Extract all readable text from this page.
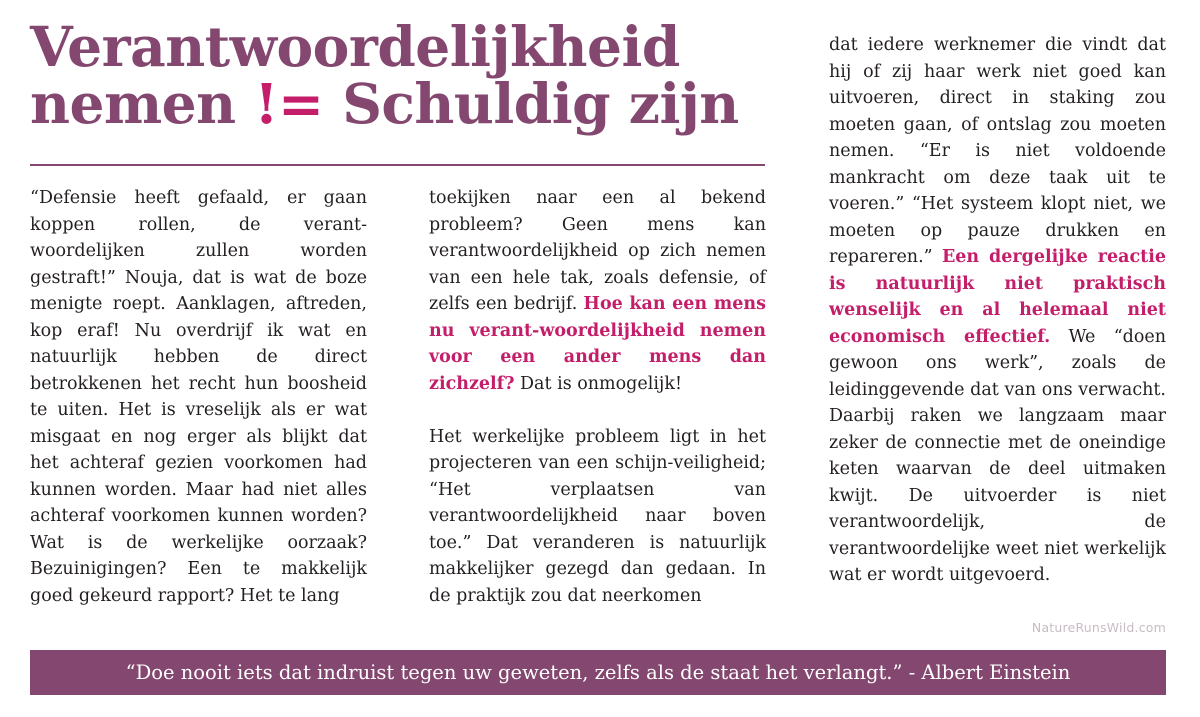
Verantwoordelijkheid
nemen != Schuldig zijn

“Defensie heeft gefaald, er gaan koppen rollen, de verant-woordelijken zullen worden gestraft!” Nouja, dat is wat de boze menigte roept. Aanklagen, aftreden, kop eraf! Nu overdrijf ik wat en natuurlijk hebben de direct betrokkenen het recht hun boosheid te uiten. Het is vreselijk als er wat misgaat en nog erger als blijkt dat het achteraf gezien voorkomen had kunnen worden. Maar had niet alles achteraf voorkomen kunnen worden? Wat is de werkelijke oorzaak? Bezuinigingen? Een te makkelijk goed gekeurd rapport? Het te lang

toekijken naar een al bekend probleem? Geen mens kan verantwoordelijkheid op zich nemen van een hele tak, zoals defensie, of zelfs een bedrijf. Hoe kan een mens nu verant-woordelijkheid nemen voor een ander mens dan zichzelf? Dat is onmogelijk!

Het werkelijke probleem ligt in het projecteren van een schijn-veiligheid; “Het verplaatsen van verantwoordelijkheid naar boven toe.” Dat veranderen is natuurlijk makkelijker gezegd dan gedaan. In de praktijk zou dat neerkomen

dat iedere werknemer die vindt dat hij of zij haar werk niet goed kan uitvoeren, direct in staking zou moeten gaan, of ontslag zou moeten nemen. “Er is niet voldoende mankracht om deze taak uit te voeren.” “Het systeem klopt niet, we moeten op pauze drukken en repareren.” Een dergelijke reactie is natuurlijk niet praktisch wenselijk en al helemaal niet economisch effectief. We “doen gewoon ons werk”, zoals de leidinggevende dat van ons verwacht. Daarbij raken we langzaam maar zeker de connectie met de oneindige keten waarvan de deel uitmaken kwijt. De uitvoerder is niet verantwoordelijk, de verantwoordelijke weet niet werkelijk wat er wordt uitgevoerd.

NatureRunsWild.com
“Doe nooit iets dat indruist tegen uw geweten, zelfs als de staat het verlangt.” - Albert Einstein
